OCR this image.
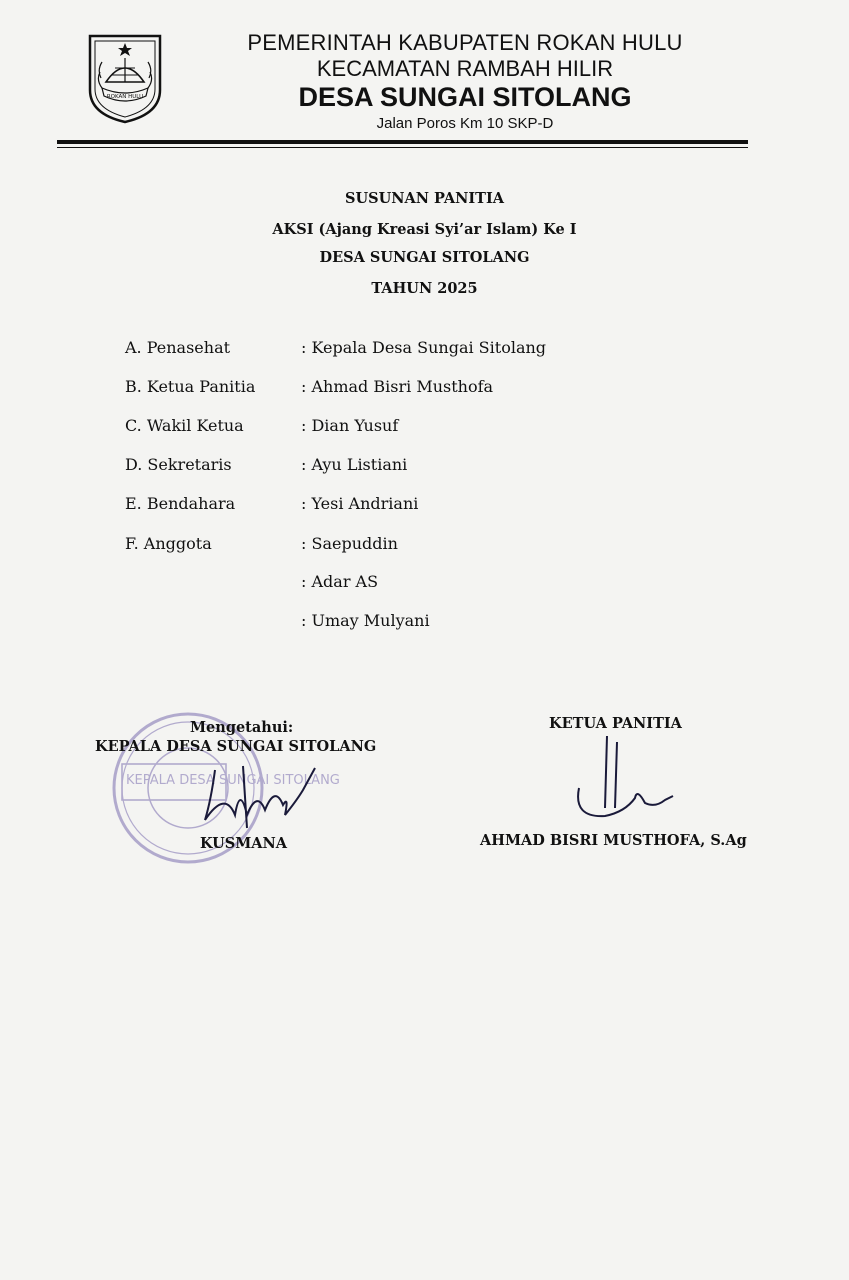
ROKAN HULU
PEMERINTAH KABUPATEN ROKAN HULU
KECAMATAN RAMBAH HILIR
DESA SUNGAI SITOLANG
Jalan Poros Km 10 SKP-D
SUSUNAN PANITIA
AKSI (Ajang Kreasi Syi’ar Islam) Ke I
DESA SUNGAI SITOLANG
TAHUN 2025
A. Penasehat	: Kepala Desa Sungai Sitolang
B. Ketua Panitia	: Ahmad Bisri Musthofa
C. Wakil Ketua	: Dian Yusuf
D. Sekretaris	: Ayu Listiani
E. Bendahara	: Yesi Andriani
F. Anggota	: Saepuddin
: Adar AS
: Umay Mulyani
KEPALA DESA SUNGAI SITOLANG
Mengetahui:
KEPALA DESA SUNGAI SITOLANG
KUSMANA
KETUA PANITIA
AHMAD BISRI MUSTHOFA, S.Ag
